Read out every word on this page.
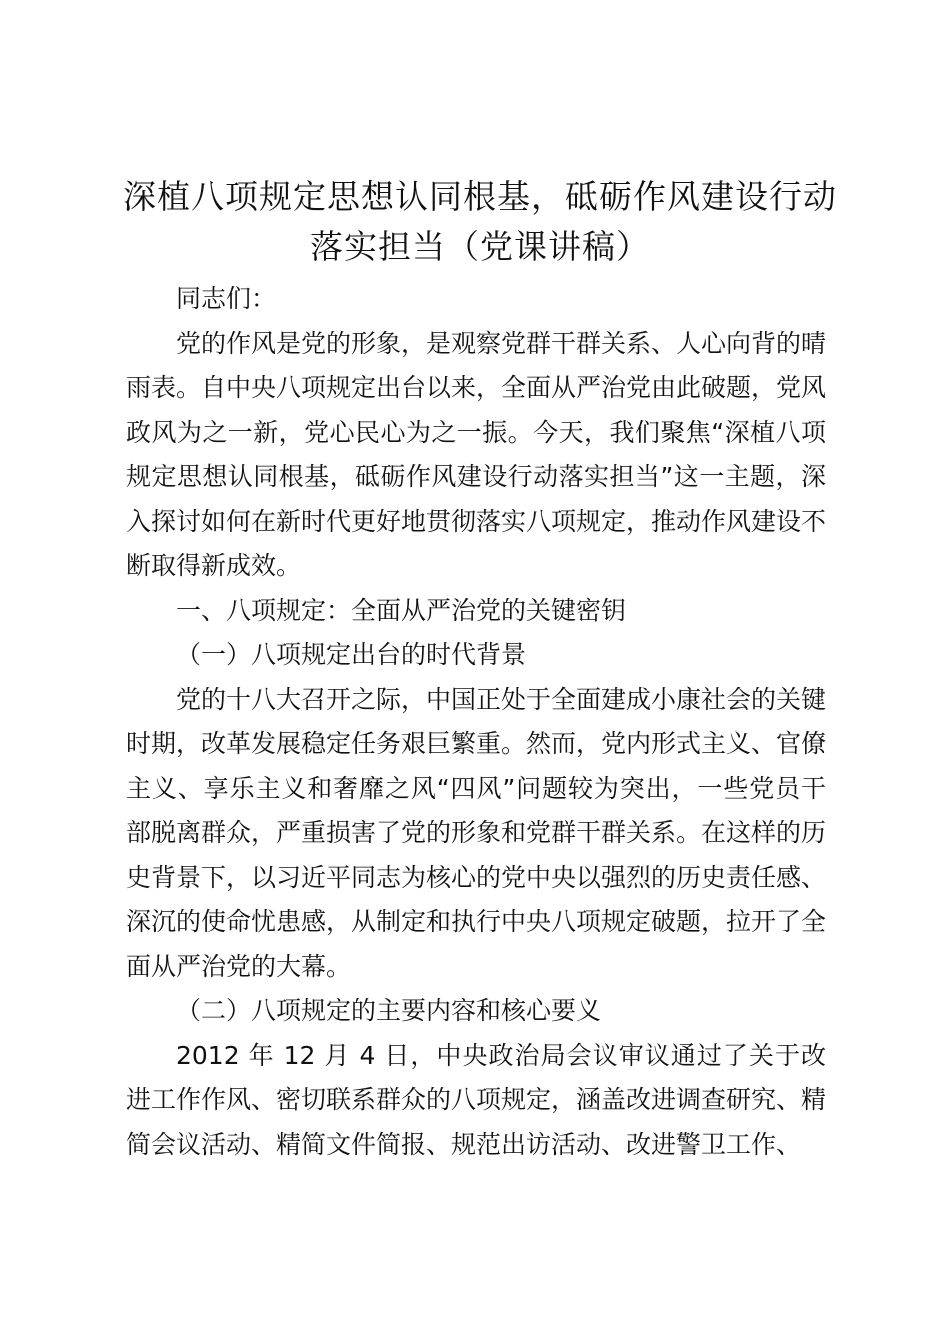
深植八项规定思想认同根基，砥砺作风建设行动落实担当（党课讲稿）

同志们：

党的作风是党的形象，是观察党群干群关系、人心向背的晴雨表。自中央八项规定出台以来，全面从严治党由此破题，党风政风为之一新，党心民心为之一振。今天，我们聚焦“深植八项规定思想认同根基，砥砺作风建设行动落实担当”这一主题，深入探讨如何在新时代更好地贯彻落实八项规定，推动作风建设不断取得新成效。

一、八项规定：全面从严治党的关键密钥

（一）八项规定出台的时代背景

党的十八大召开之际，中国正处于全面建成小康社会的关键时期，改革发展稳定任务艰巨繁重。然而，党内形式主义、官僚主义、享乐主义和奢靡之风“四风”问题较为突出，一些党员干部脱离群众，严重损害了党的形象和党群干群关系。在这样的历史背景下，以习近平同志为核心的党中央以强烈的历史责任感、深沉的使命忧患感，从制定和执行中央八项规定破题，拉开了全面从严治党的大幕。

（二）八项规定的主要内容和核心要义

2012 年 12 月 4 日，中央政治局会议审议通过了关于改进工作作风、密切联系群众的八项规定，涵盖改进调查研究、精简会议活动、精简文件简报、规范出访活动、改进警卫工作、
